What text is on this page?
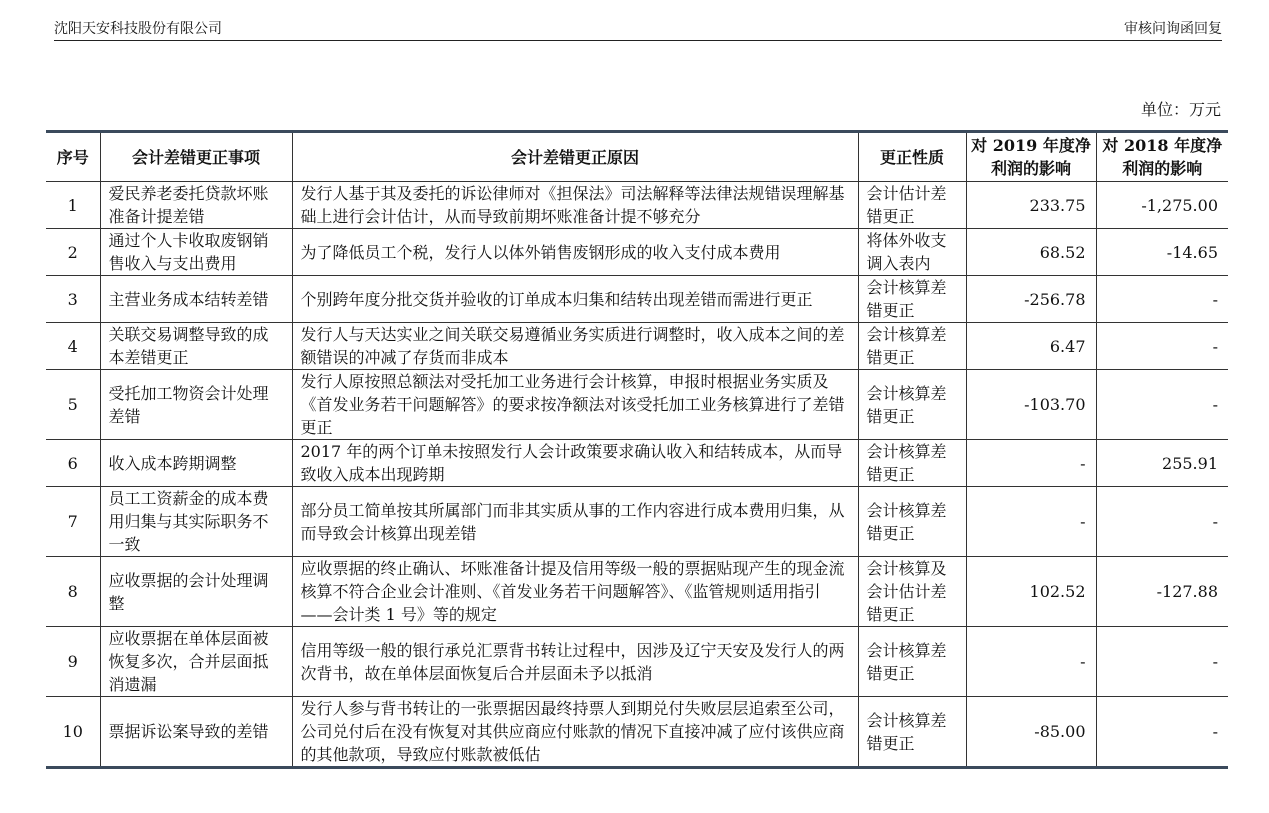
沈阳天安科技股份有限公司	审核问询函回复
单位：万元
序号	会计差错更正事项	会计差错更正原因	更正性质	对 2019 年度净利润的影响	对 2018 年度净利润的影响
1	爱民养老委托贷款坏账准备计提差错	发行人基于其及委托的诉讼律师对《担保法》司法解释等法律法规错误理解基础上进行会计估计，从而导致前期坏账准备计提不够充分	会计估计差错更正	233.75	-1,275.00
2	通过个人卡收取废钢销售收入与支出费用	为了降低员工个税，发行人以体外销售废钢形成的收入支付成本费用	将体外收支调入表内	68.52	-14.65
3	主营业务成本结转差错	个别跨年度分批交货并验收的订单成本归集和结转出现差错而需进行更正	会计核算差错更正	-256.78	-
4	关联交易调整导致的成本差错更正	发行人与天达实业之间关联交易遵循业务实质进行调整时，收入成本之间的差额错误的冲减了存货而非成本	会计核算差错更正	6.47	-
5	受托加工物资会计处理差错	发行人原按照总额法对受托加工业务进行会计核算，申报时根据业务实质及《首发业务若干问题解答》的要求按净额法对该受托加工业务核算进行了差错更正	会计核算差错更正	-103.70	-
6	收入成本跨期调整	2017 年的两个订单未按照发行人会计政策要求确认收入和结转成本，从而导致收入成本出现跨期	会计核算差错更正	-	255.91
7	员工工资薪金的成本费用归集与其实际职务不一致	部分员工简单按其所属部门而非其实质从事的工作内容进行成本费用归集，从而导致会计核算出现差错	会计核算差错更正	-	-
8	应收票据的会计处理调整	应收票据的终止确认、坏账准备计提及信用等级一般的票据贴现产生的现金流核算不符合企业会计准则、《首发业务若干问题解答》、《监管规则适用指引——会计类 1 号》等的规定	会计核算及会计估计差错更正	102.52	-127.88
9	应收票据在单体层面被恢复多次，合并层面抵消遗漏	信用等级一般的银行承兑汇票背书转让过程中，因涉及辽宁天安及发行人的两次背书，故在单体层面恢复后合并层面未予以抵消	会计核算差错更正	-	-
10	票据诉讼案导致的差错	发行人参与背书转让的一张票据因最终持票人到期兑付失败层层追索至公司，公司兑付后在没有恢复对其供应商应付账款的情况下直接冲减了应付该供应商的其他款项，导致应付账款被低估	会计核算差错更正	-85.00	-
